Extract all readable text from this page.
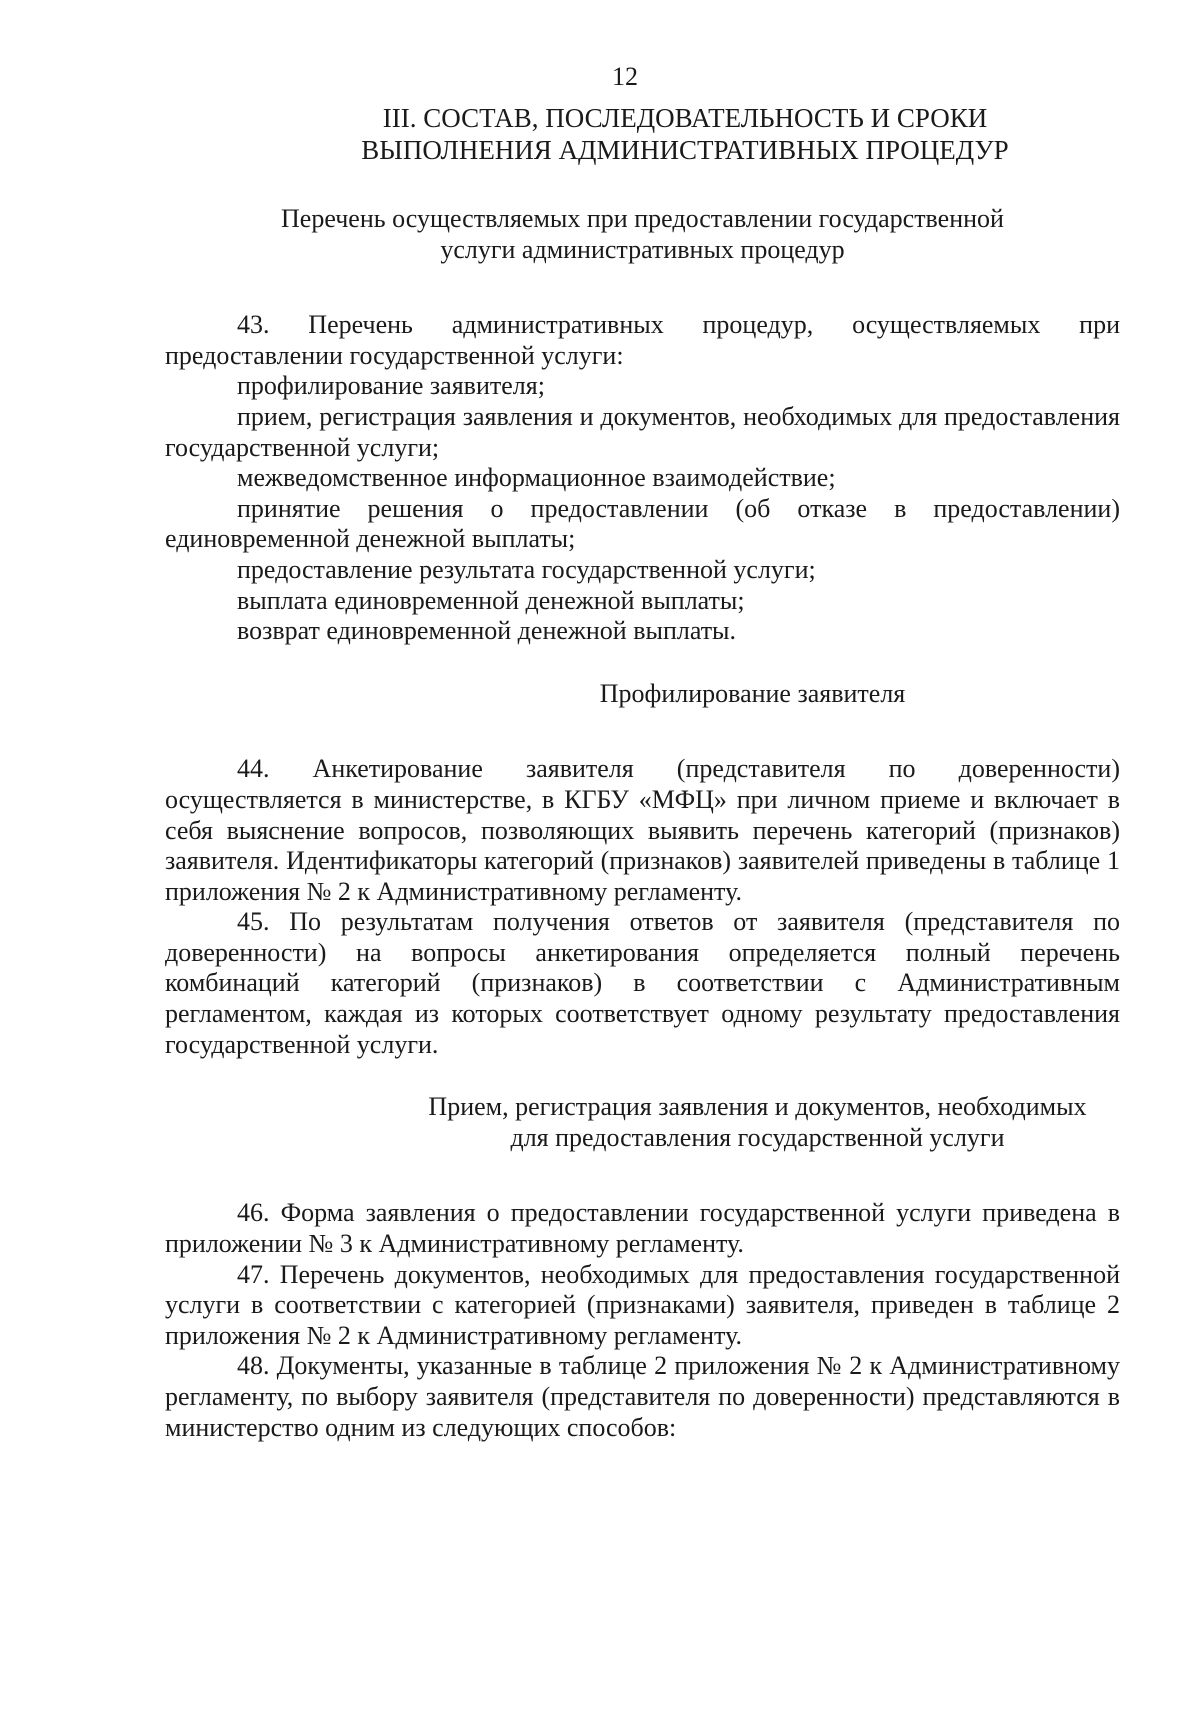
12
III. СОСТАВ, ПОСЛЕДОВАТЕЛЬНОСТЬ И СРОКИ
ВЫПОЛНЕНИЯ АДМИНИСТРАТИВНЫХ ПРОЦЕДУР
Перечень осуществляемых при предоставлении государственной
услуги административных процедур

43. Перечень административных процедур, осуществляемых при предоставлении государственной услуги:

профилирование заявителя;

прием, регистрация заявления и документов, необходимых для предоставления государственной услуги;

межведомственное информационное взаимодействие;

принятие решения о предоставлении (об отказе в предоставлении) единовременной денежной выплаты;

предоставление результата государственной услуги;

выплата единовременной денежной выплаты;

возврат единовременной денежной выплаты.

Профилирование заявителя

44. Анкетирование заявителя (представителя по доверенности) осуществляется в министерстве, в КГБУ «МФЦ» при личном приеме и включает в себя выяснение вопросов, позволяющих выявить перечень категорий (признаков) заявителя. Идентификаторы категорий (признаков) заявителей приведены в таблице 1 приложения № 2 к Административному регламенту.

45. По результатам получения ответов от заявителя (представителя по доверенности) на вопросы анкетирования определяется полный перечень комбинаций категорий (признаков) в соответствии с Административным регламентом, каждая из которых соответствует одному результату предоставления государственной услуги.

Прием, регистрация заявления и документов, необходимых
для предоставления государственной услуги

46. Форма заявления о предоставлении государственной услуги приведена в приложении № 3 к Административному регламенту.

47. Перечень документов, необходимых для предоставления государственной услуги в соответствии с категорией (признаками) заявителя, приведен в таблице 2 приложения № 2 к Административному регламенту.

48. Документы, указанные в таблице 2 приложения № 2 к Административному регламенту, по выбору заявителя (представителя по доверенности) представляются в министерство одним из следующих способов:
